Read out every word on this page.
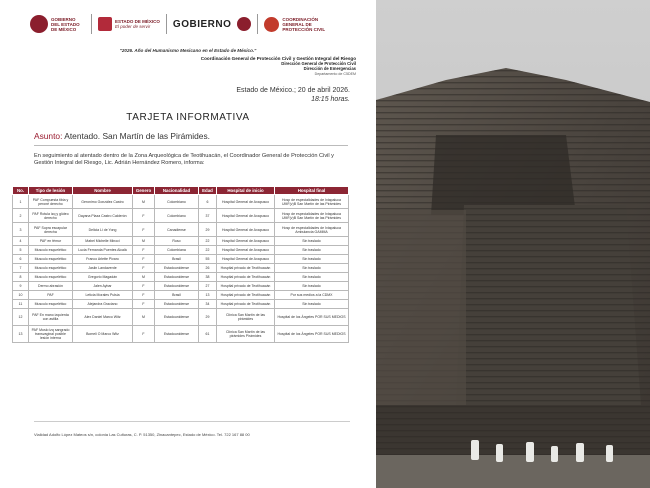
GOBIERNO DEL ESTADO DE MÉXICO
ESTADO DE MÉXICO
El poder de servir	GOBIERNO	COORDINACIÓN GENERAL DE PROTECCIÓN CIVIL
"2026. Año del Humanismo Mexicano en el Estado de México."
Coordinación General de Protección Civil y Gestión Integral del Riesgo
Dirección General de Protección Civil
Dirección de Emergencias
Departamento de C5DEM
Estado de México.; 20 de abril 2026.
18:15 horas.
TARJETA INFORMATIVA
Asunto: Atentado. San Martín de las Pirámides.
En seguimiento al atentado dentro de la Zona Arqueológica de Teotihuacán, el Coordinador General de Protección Civil y Gestión Integral del Riesgo, Lic. Adrián Hernández Romero, informa:
No.	Tipo de lesión	Nombre	Genero	Nacionalidad	Edad	Hospital de inicio	Hospital final
1	PAF Compuesta tibia y peroné derecho	Geronimo González Castro	M	Colombiano	6	Hospital General de Axapusco	Hosp de especialidades de Ixtapaluca UMF(v)B San Martín de las Pirámides
2	PAF Rotula izq y glúteo derecho	Dayana Plaza Castro Calderón	F	Colombiano	37	Hospital General de Axapusco	Hosp de especialidades de Ixtapaluca UMF(v)B San Martín de las Pirámides
3	PAF Supra escapular derecha	Delicia Li de Yong	F	Canadiense	29	Hospital General de Axapusco	Hosp de especialidades de Ixtapaluca Ambulancia GAMMA
4	PAF en fémur	Mabel Michelle Minoci	M	Ruso	22	Hospital General de Axapusco	Sin traslado
5	Musculo esquelético	Lucia Fernanda Puentes Alcalá	F	Colombiana	22	Hospital General de Axapusco	Sin traslado
6	Musculo esquelético	Franco Arlette Pivaro	F	Brasil	55	Hospital General de Axapusco	Sin traslado
7	Musculo esquelético	Jaslin Landaverde	F	Estadounidense	26	Hospital privado de Teotihuacán	Sin traslado
8	Musculo esquelético	Gregorio Magadán	M	Estadounidense	38	Hospital privado de Teotihuacán	Sin traslado
9	Dermo abrasión	Jalen Aybar	F	Estadounidense	27	Hospital privado de Teotihuacán	Sin traslado
10	PAF	Leticia Morales Pulsia	F	Brasil	13	Hospital privado de Teotihuacán	Por sus medios a la CDMX
11	Musculo esquelético	Alejandra Graciano	F	Estadounidense	34	Hospital privado de Teotihuacán	Sin traslado
12	PAF En mano izquierda con astilla	Alex Daniel Marco Witz	M	Estadounidense	29	Clínica San Martín de las pirámides	Hospital de los Ángeles POR SUS MEDIOS
13	PAF Muslo izq sangrado transvaginal posible lesión interna	Bomeli O Marco Witz	F	Estadounidense	61	Clínica San Martín de las pirámides Pirámides	Hospital de los Ángeles POR SUS MEDIOS
Vialidad Adolfo López Mateos s/n, colonia Las Culturas, C. P. 51350, Zinacantepec, Estado de México. Tel. 722 167 88 00
